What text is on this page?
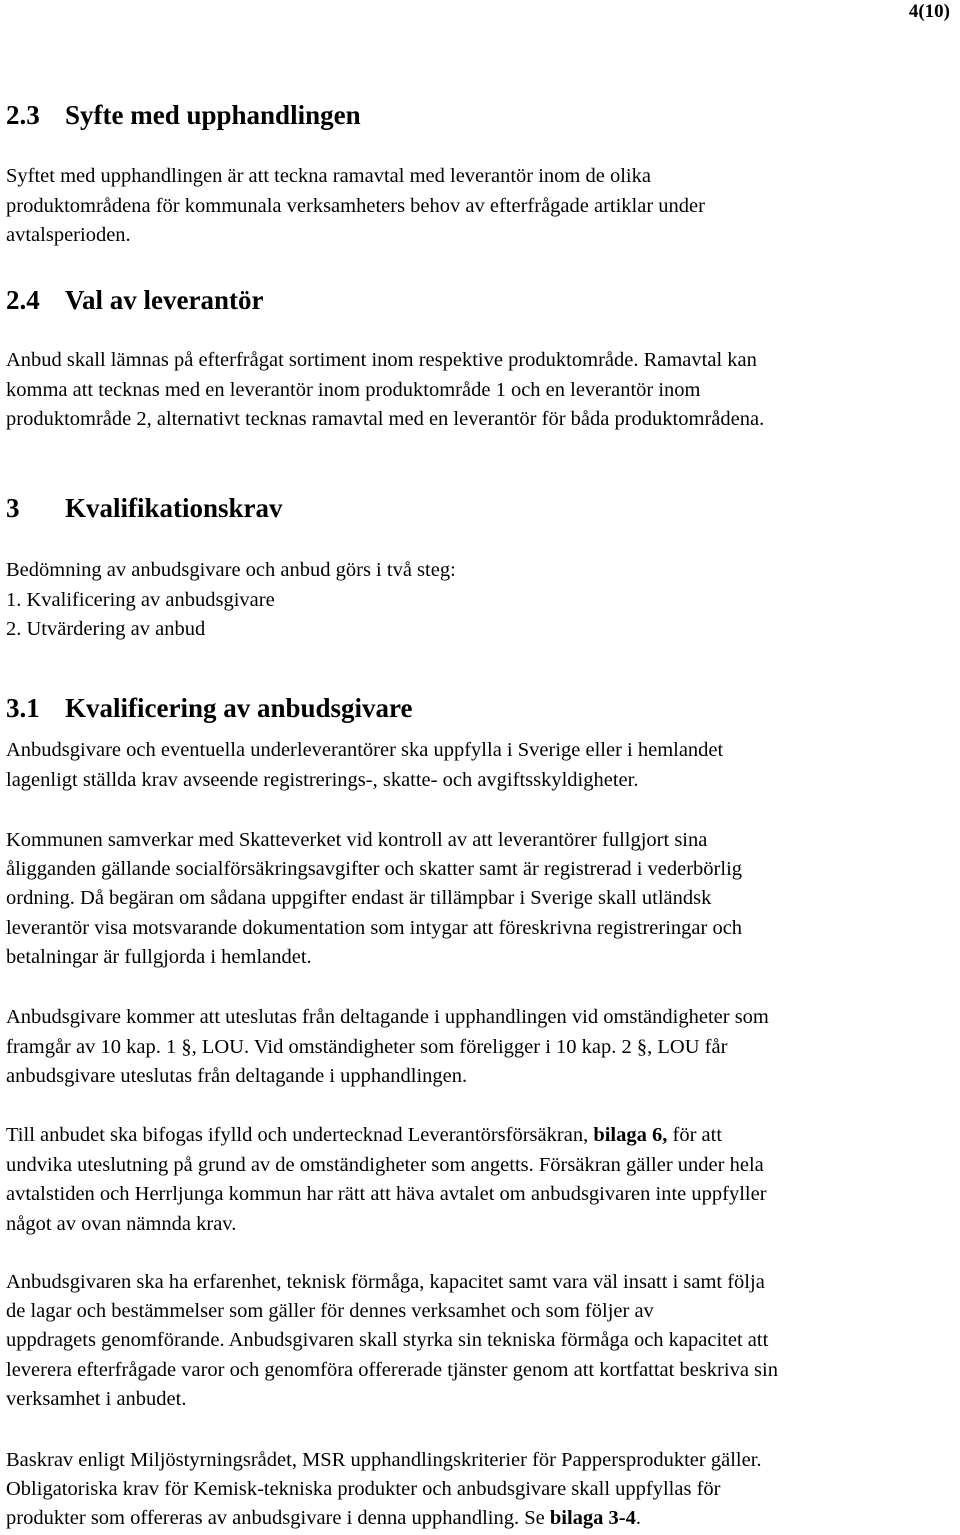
4(10)
2.3 Syfte med upphandlingen
Syftet med upphandlingen är att teckna ramavtal med leverantör inom de olika
produktområdena för kommunala verksamheters behov av efterfrågade artiklar under
avtalsperioden.
2.4 Val av leverantör
Anbud skall lämnas på efterfrågat sortiment inom respektive produktområde. Ramavtal kan
komma att tecknas med en leverantör inom produktområde 1 och en leverantör inom
produktområde 2, alternativt tecknas ramavtal med en leverantör för båda produktområdena.
3 Kvalifikationskrav
Bedömning av anbudsgivare och anbud görs i två steg:
1. Kvalificering av anbudsgivare
2. Utvärdering av anbud
3.1 Kvalificering av anbudsgivare
Anbudsgivare och eventuella underleverantörer ska uppfylla i Sverige eller i hemlandet
lagenligt ställda krav avseende registrerings-, skatte- och avgiftsskyldigheter.
Kommunen samverkar med Skatteverket vid kontroll av att leverantörer fullgjort sina
åligganden gällande socialförsäkringsavgifter och skatter samt är registrerad i vederbörlig
ordning. Då begäran om sådana uppgifter endast är tillämpbar i Sverige skall utländsk
leverantör visa motsvarande dokumentation som intygar att föreskrivna registreringar och
betalningar är fullgjorda i hemlandet.
Anbudsgivare kommer att uteslutas från deltagande i upphandlingen vid omständigheter som
framgår av 10 kap. 1 §, LOU. Vid omständigheter som föreligger i 10 kap. 2 §, LOU får
anbudsgivare uteslutas från deltagande i upphandlingen.
Till anbudet ska bifogas ifylld och undertecknad Leverantörsförsäkran, bilaga 6, för att
undvika uteslutning på grund av de omständigheter som angetts. Försäkran gäller under hela
avtalstiden och Herrljunga kommun har rätt att häva avtalet om anbudsgivaren inte uppfyller
något av ovan nämnda krav.
Anbudsgivaren ska ha erfarenhet, teknisk förmåga, kapacitet samt vara väl insatt i samt följa
de lagar och bestämmelser som gäller för dennes verksamhet och som följer av
uppdragets genomförande. Anbudsgivaren skall styrka sin tekniska förmåga och kapacitet att
leverera efterfrågade varor och genomföra offererade tjänster genom att kortfattat beskriva sin
verksamhet i anbudet.
Baskrav enligt Miljöstyrningsrådet, MSR upphandlingskriterier för Pappersprodukter gäller.
Obligatoriska krav för Kemisk-tekniska produkter och anbudsgivare skall uppfyllas för
produkter som offereras av anbudsgivare i denna upphandling. Se bilaga 3-4.
